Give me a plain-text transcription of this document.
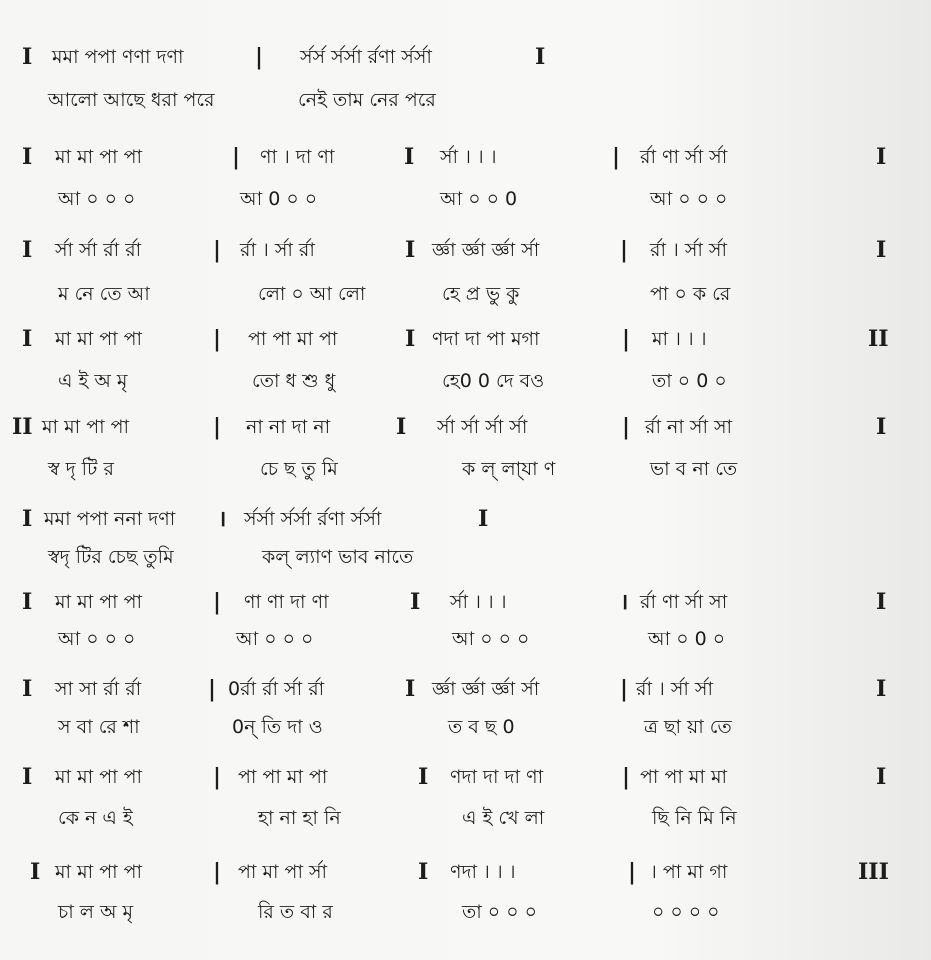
I মমা পপা ণণা দণা	| র্সর্স র্সর্সা র্রণা র্সর্সা	I
আলো আছে ধরা পরে	নেই তাম নের পরে
I মা মা পা পা	| ণা । দা ণা	I র্সা । । ।	| র্রা ণা র্সা র্সা	I
আ ০ ০ ০	আ 0 ০ ০	আ ০ ০ 0	আ ০ ০ ০
I র্সা র্সা র্রা র্রা	| র্রা । র্সা র্রা	I র্জ্ঞা র্জ্ঞা র্জ্ঞা র্সা	| র্রা । র্সা র্সা	I
ম নে তে আ	লো ০ আ লো	হে প্র ভু কু	পা ০ ক রে
I মা মা পা পা	| পা পা মা পা	I ণদা দা পা মগা	| মা । । ।	II
এ ই অ মৃ	তো ধ শু ধু	হে0 0 দে বও	তা ০ 0 ০
II মা মা পা পা	| না না দা না	I র্সা র্সা র্সা র্সা	| র্রা না র্সা সা	I
স্ব দৃ টি র	চে ছ তু মি	ক ল্ লা্যা ণ	ভা ব না তে
I মমা পপা ননা দণা । র্সর্সা র্সর্সা র্রণা র্সর্সা	I
স্বদৃ টির চেছ তুমি	কল্ ল্যাণ ভাব নাতে
I মা মা পা পা	| ণা ণা দা ণা	I র্সা । । ।	। র্রা ণা র্সা সা	I
আ ০ ০ ০	আ ০ ০ ০	আ ০ ০ ০	আ ০ 0 ০
I সা সা র্রা র্রা	| 0র্রা র্রা র্সা র্রা	I র্জ্ঞা র্জ্ঞা র্জ্ঞা র্সা	| র্রা । র্সা র্সা	I
স বা রে শা	0ন্ তি দা ও	ত ব ছ 0	ত্র ছা য়া তে
I মা মা পা পা	| পা পা মা পা	I ণদা দা দা ণা	| পা পা মা মা	I
কে ন এ ই	হা না হা নি	এ ই খে লা	ছি নি মি নি
I মা মা পা পা	| পা মা পা র্সা	I ণদা । । ।	| । পা মা গা	III
চা ল অ মৃ	রি ত বা র	তা ০ ০ ০	০ ০ ০ ০
